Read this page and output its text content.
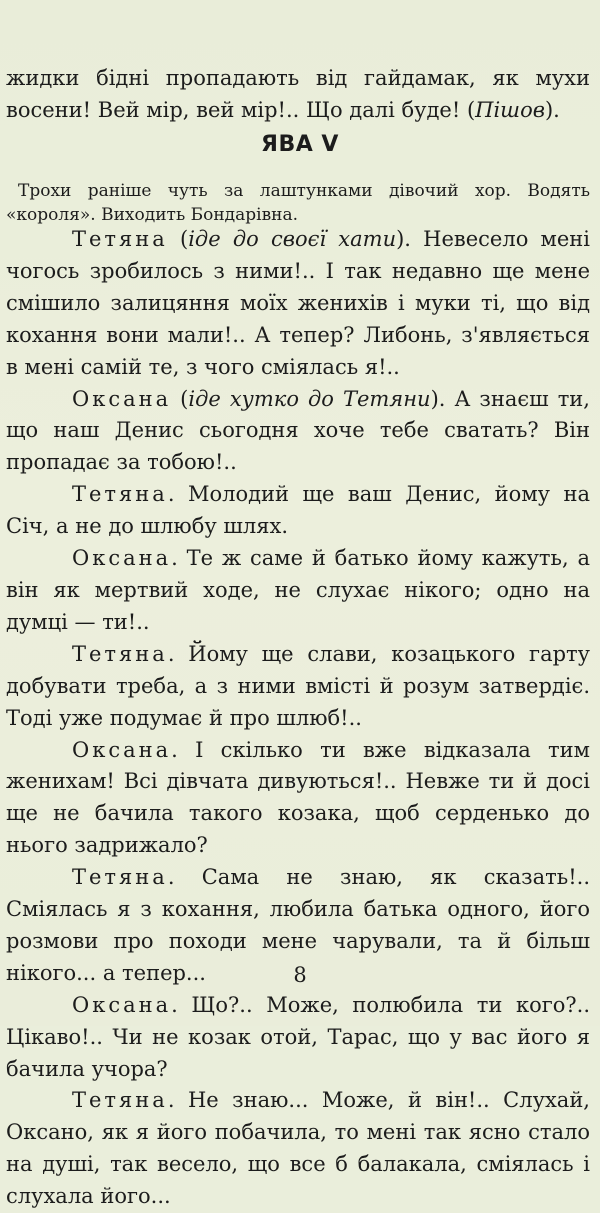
жидки бідні пропадають від гайдамак, як мухи восени! Вей мір, вей мір!.. Що далі буде! (Пішов).

ЯВА V

Трохи раніше чуть за лаштунками дівочий хор. Водять «короля». Виходить Бондарівна.

Тетяна (іде до своєї хати). Невесело мені чогось зробилось з ними!.. І так недавно ще мене смішило залицяння моїх женихів і муки ті, що від кохання вони мали!.. А тепер? Либонь, з'являється в мені самій те, з чого сміялась я!..

Оксана (іде хутко до Тетяни). А знаєш ти, що наш Денис сьогодня хоче тебе сватать? Він пропадає за тобою!..

Тетяна. Молодий ще ваш Денис, йому на Січ, а не до шлюбу шлях.

Оксана. Те ж саме й батько йому кажуть, а він як мертвий ходе, не слухає нікого; одно на думці — ти!..

Тетяна. Йому ще слави, козацького гарту добувати треба, а з ними вмісті й розум затвердіє. Тоді уже подумає й про шлюб!..

Оксана. І скілько ти вже відказала тим женихам! Всі дівчата дивуються!.. Невже ти й досі ще не бачила такого козака, щоб серденько до нього задрижало?

Тетяна. Сама не знаю, як сказать!.. Сміялась я з кохання, любила батька одного, його розмови про походи мене чарували, та й більш нікого... а тепер...

Оксана. Що?.. Може, полюбила ти кого?.. Цікаво!.. Чи не козак отой, Тарас, що у вас його я бачила учора?

Тетяна. Не знаю... Може, й він!.. Слухай, Оксано, як я його побачила, то мені так ясно стало на душі, так весело, що все б балакала, сміялась і слухала його...

8
